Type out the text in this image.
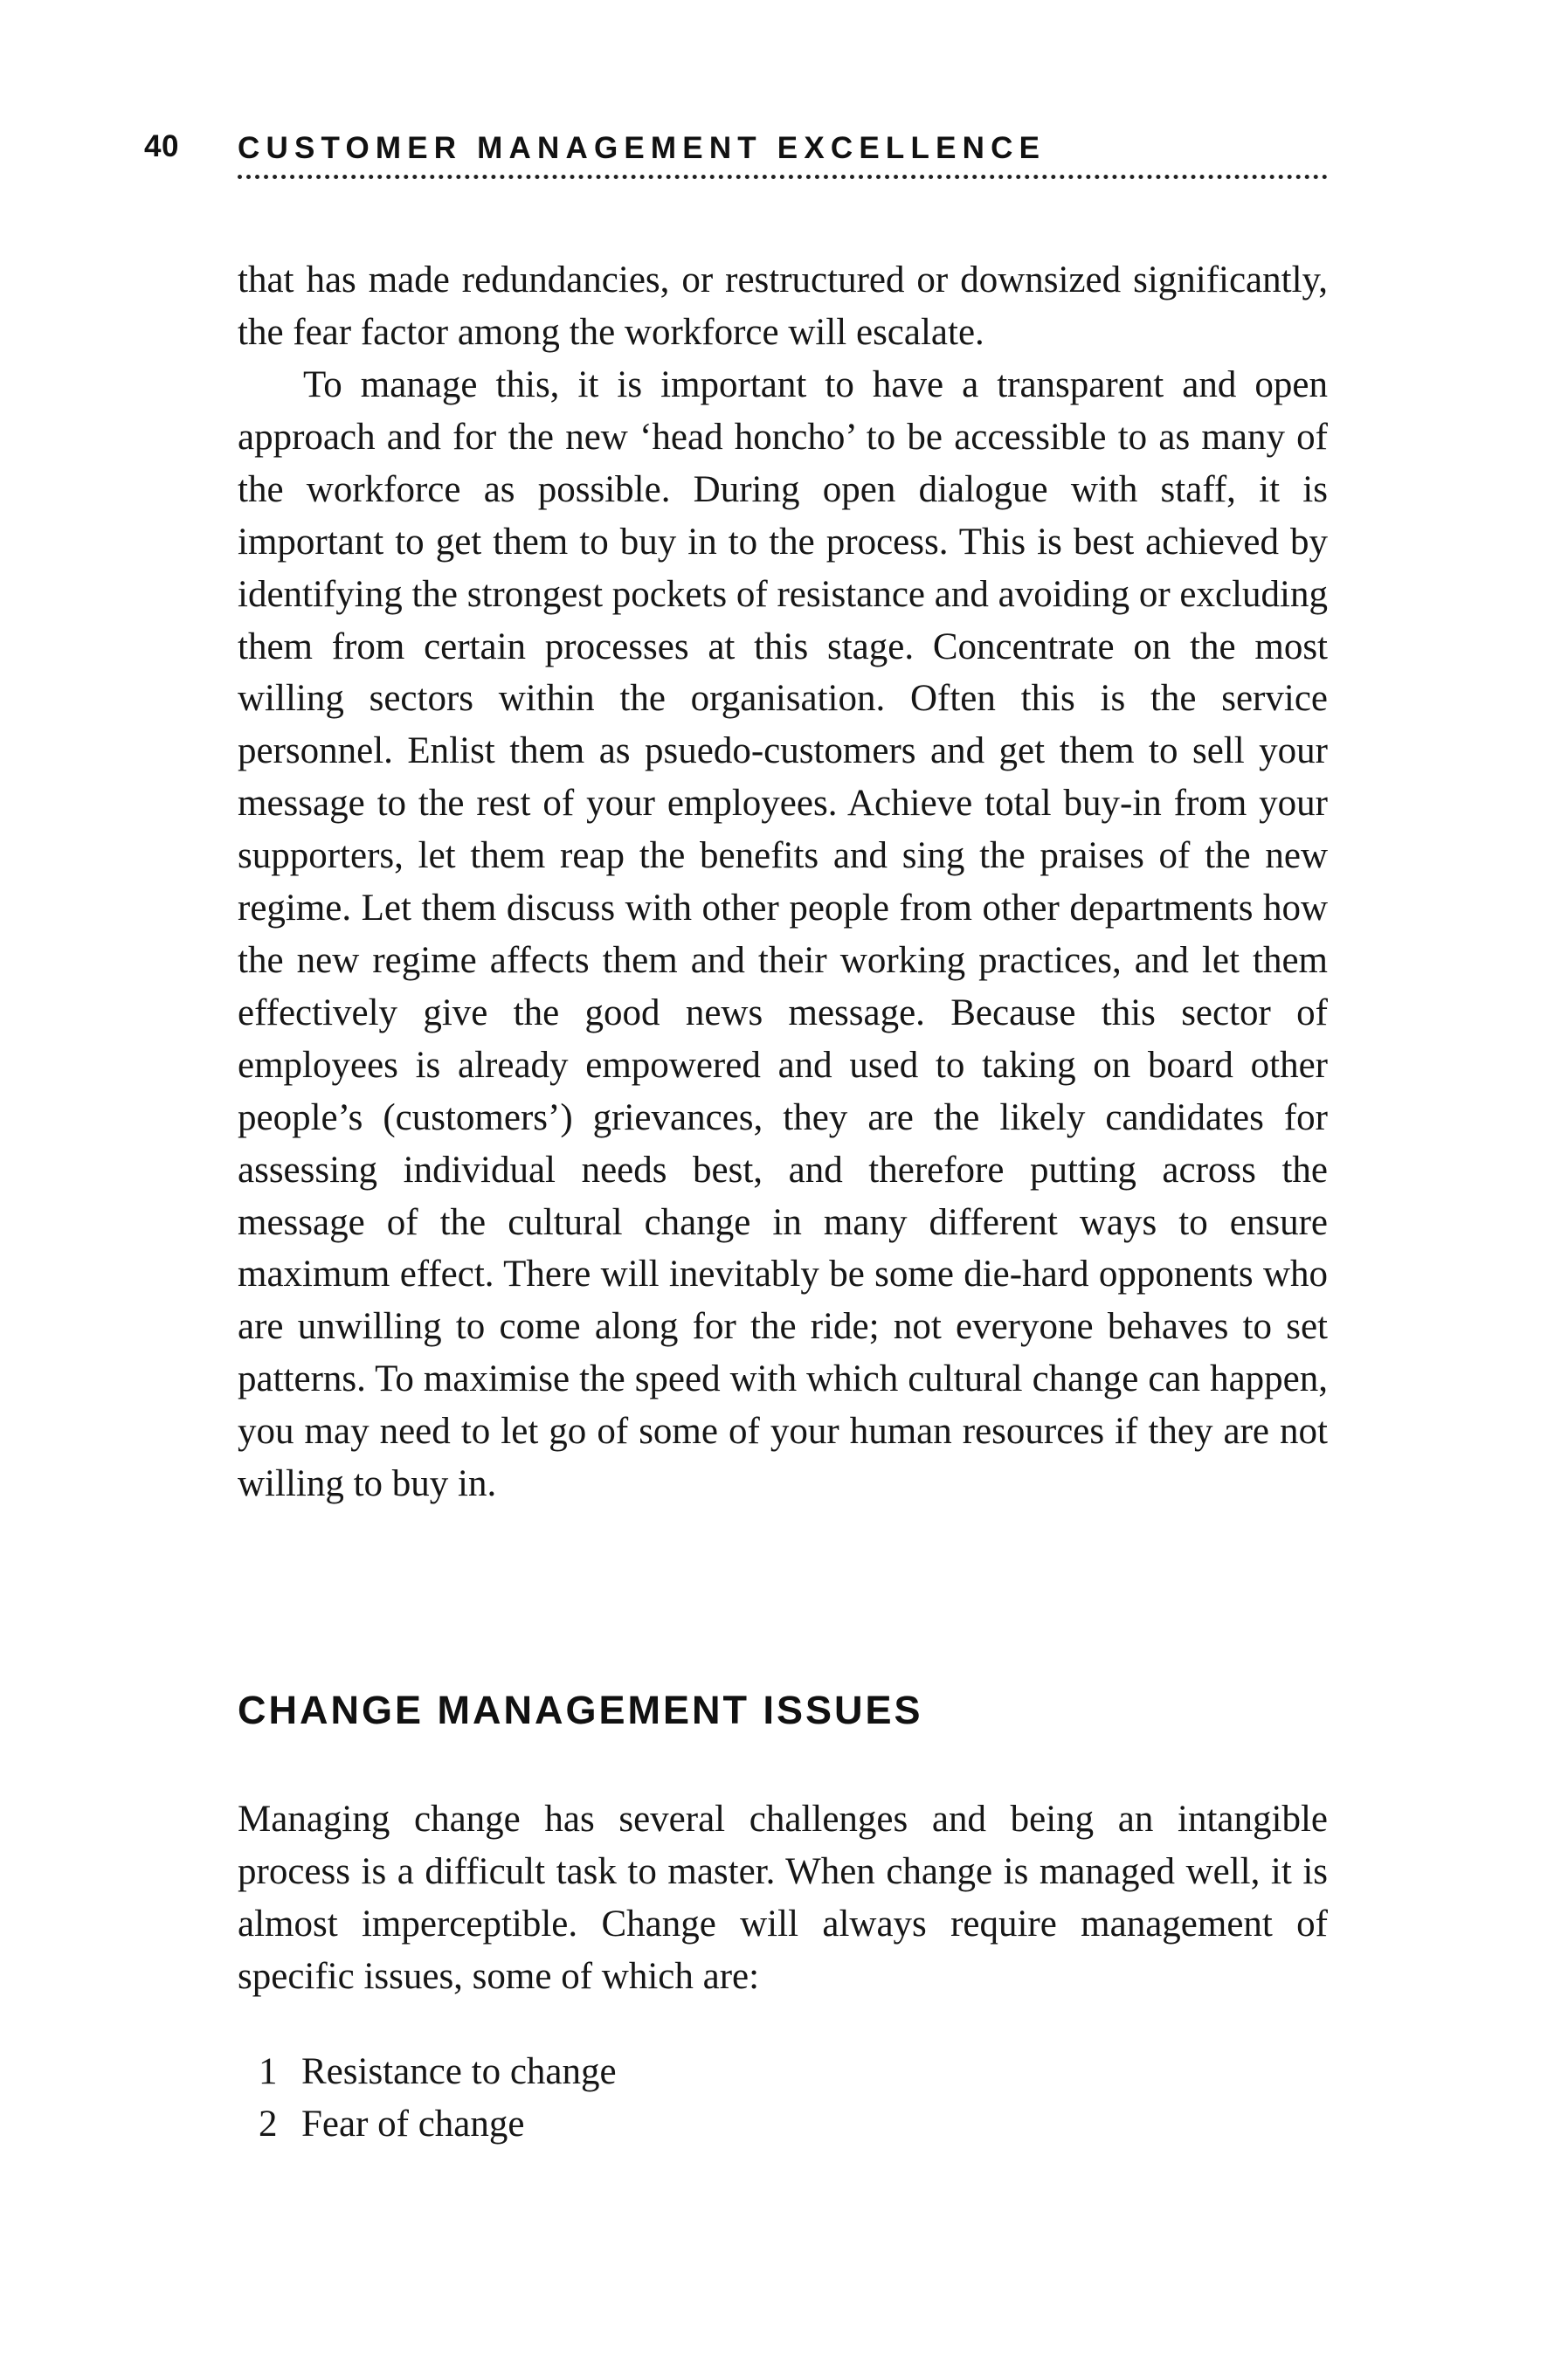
40 CUSTOMER MANAGEMENT EXCELLENCE

that has made redundancies, or restructured or downsized significantly, the fear factor among the workforce will escalate.

To manage this, it is important to have a transparent and open approach and for the new ‘head honcho’ to be accessible to as many of the workforce as possible. During open dialogue with staff, it is important to get them to buy in to the process. This is best achieved by identifying the strongest pockets of resistance and avoiding or excluding them from certain processes at this stage. Concentrate on the most willing sectors within the organisation. Often this is the service personnel. Enlist them as psuedo-customers and get them to sell your message to the rest of your employees. Achieve total buy-in from your supporters, let them reap the benefits and sing the praises of the new regime. Let them discuss with other people from other departments how the new regime affects them and their working practices, and let them effectively give the good news message. Because this sector of employees is already empowered and used to taking on board other people’s (customers’) grievances, they are the likely candidates for assessing individual needs best, and therefore putting across the message of the cultural change in many different ways to ensure maximum effect. There will inevitably be some die-hard opponents who are unwilling to come along for the ride; not everyone behaves to set patterns. To maximise the speed with which cultural change can happen, you may need to let go of some of your human resources if they are not willing to buy in.

CHANGE MANAGEMENT ISSUES

Managing change has several challenges and being an intangible process is a difficult task to master. When change is managed well, it is almost imperceptible. Change will always require management of specific issues, some of which are:

1 Resistance to change
2 Fear of change
